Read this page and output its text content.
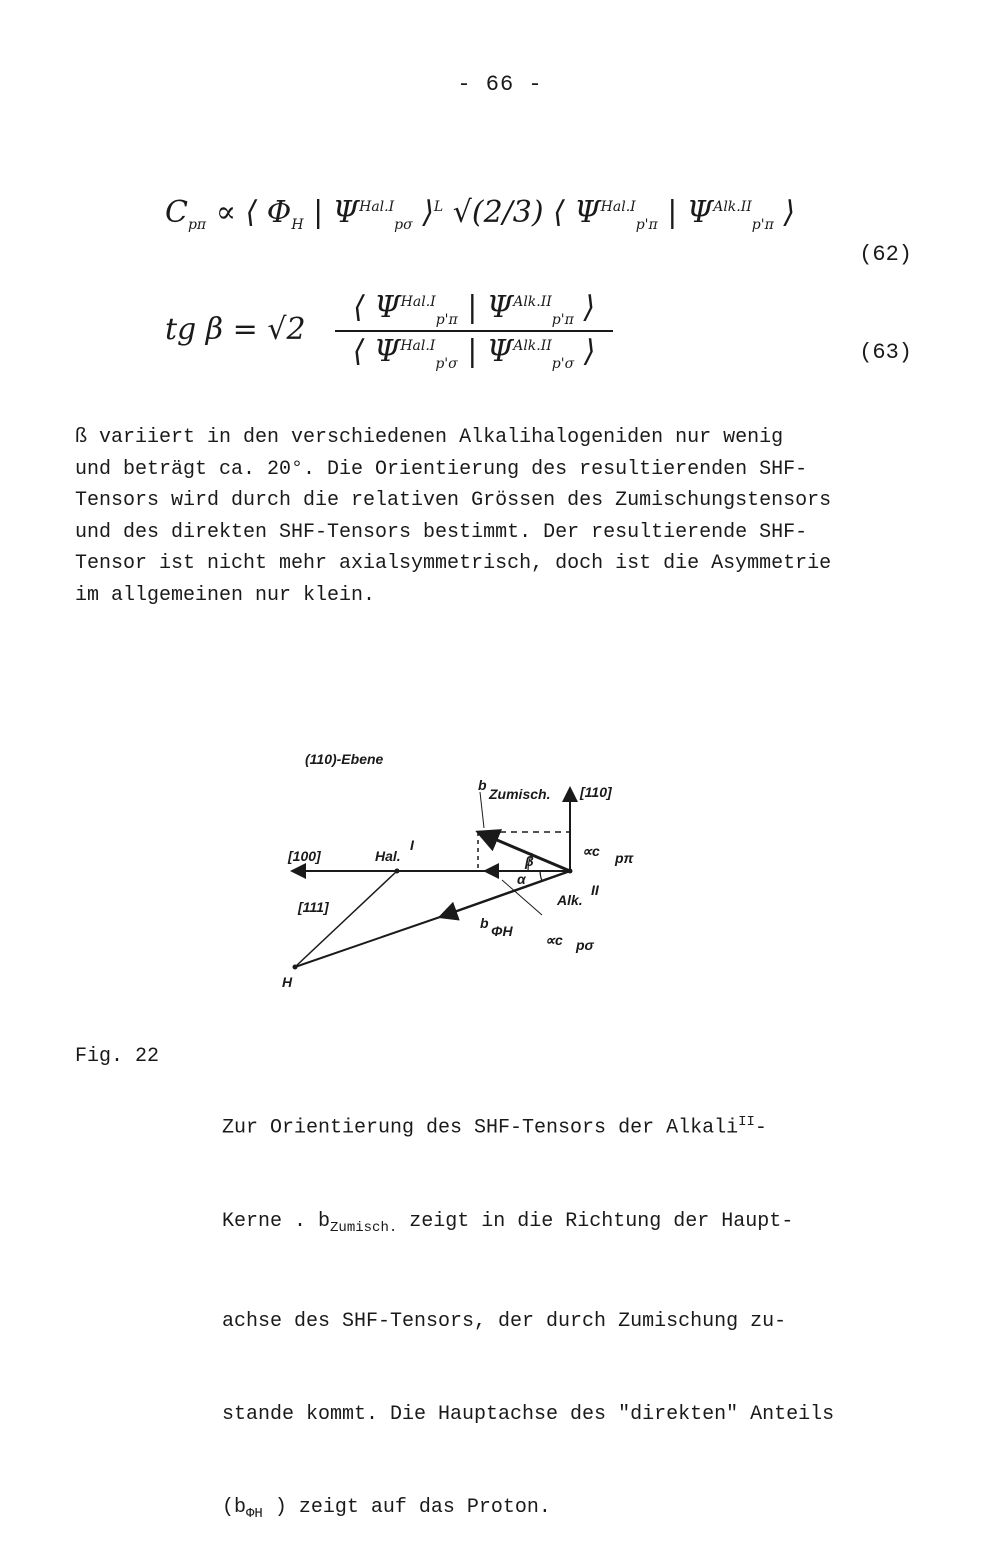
- 66 -
$C_{p\pi}$ ∝ ⟨ $\Phi_H$ | $\Psi^{Hal.I}_{p\sigma}$ ⟩$^L$ √(2/3) ⟨ $\Psi^{Hal.I}_{p'\pi}$ | $\Psi^{Alk.II}_{p'\pi}$ ⟩
(62)
tg $\beta = √2 \frac{⟨ \Psi^{Hal.I}_{p'\pi} | \Psi^{Alk.II}_{p'\pi} ⟩}{⟨ \Psi^{Hal.I}_{p'\sigma} | \Psi^{Alk.II}_{p'\sigma} ⟩}$	(63)

ß variiert in den verschiedenen Alkalihalogeniden nur wenig
und beträgt ca. 20°. Die Orientierung des resultierenden SHF-
Tensors wird durch die relativen Grössen des Zumischungstensors
und des direkten SHF-Tensors bestimmt. Der resultierende SHF-
Tensor ist nicht mehr axialsymmetrisch, doch ist die Asymmetrie
im allgemeinen nur klein.

(110)-Ebene
b
Zumisch. [110]
[100]	Hal.
I	∝c pπ
β
α
Alk.
II
[111]
b ΦH
∝c pσ
H
Fig. 22

Zur Orientierung des SHF-Tensors der Alkali$^{II}$-

Kerne . $b_{Zumisch.}$ zeigt in die Richtung der Haupt-

achse des SHF-Tensors, der durch Zumischung zu-

stande kommt. Die Hauptachse des "direkten" Anteils

($b_{\Phi H}$ ) zeigt auf das Proton.
